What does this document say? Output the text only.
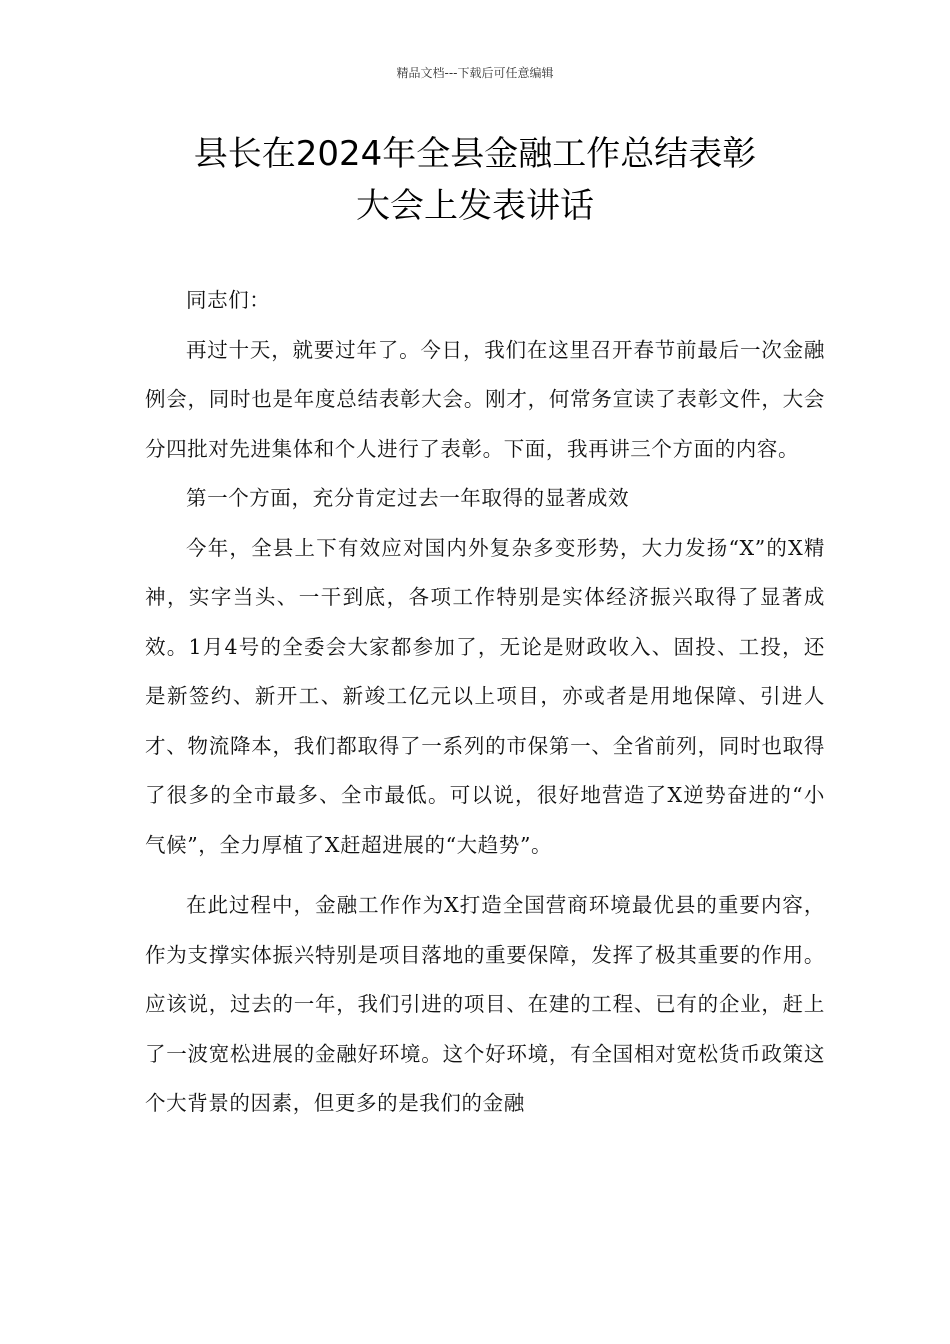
精品文档---下载后可任意编辑
县长在2024年全县金融工作总结表彰
大会上发表讲话

同志们：

再过十天，就要过年了。今日，我们在这里召开春节前最后一次金融例会，同时也是年度总结表彰大会。刚才，何常务宣读了表彰文件，大会分四批对先进集体和个人进行了表彰。下面，我再讲三个方面的内容。

第一个方面，充分肯定过去一年取得的显著成效

今年，全县上下有效应对国内外复杂多变形势，大力发扬“X”的X精神，实字当头、一干到底，各项工作特别是实体经济振兴取得了显著成效。1月4号的全委会大家都参加了，无论是财政收入、固投、工投，还是新签约、新开工、新竣工亿元以上项目，亦或者是用地保障、引进人才、物流降本，我们都取得了一系列的市保第一、全省前列，同时也取得了很多的全市最多、全市最低。可以说，很好地营造了X逆势奋进的“小气候”，全力厚植了X赶超进展的“大趋势”。

在此过程中，金融工作作为X打造全国营商环境最优县的重要内容，作为支撑实体振兴特别是项目落地的重要保障，发挥了极其重要的作用。应该说，过去的一年，我们引进的项目、在建的工程、已有的企业，赶上了一波宽松进展的金融好环境。这个好环境，有全国相对宽松货币政策这个大背景的因素，但更多的是我们的金融
